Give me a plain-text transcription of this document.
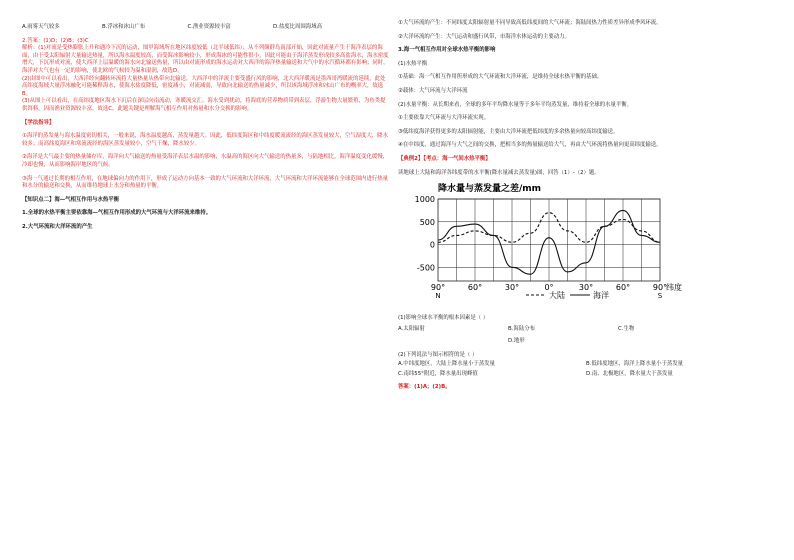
A.雨雾天气较多	B.浮冰和冰山广布	C.渔业资源较丰富	D.盐度比周围海域高

2.答案：(1)D；(2)B；(3)C

解析：(1)对流是受热膨胀上升和遇冷下沉的运动，图甲海域所在地区纬度较低（北半球低纬）；从不列颠群岛南部开始，因此对流量产生于海洋表层的海面，由于受太阳辐射大量输送热量，所以海水温度较高，而受海冰影响较小，形成海冰的可能性很小，因此可能由于海洋蒸发形成较多高盐海水，海水密度增大，下沉形成对流，使大西洋上层温暖的海水向北输送热量，所以由对流形成的海水运动对大西洋的海洋热量输送和大气中的水汽循环都有影响；同时，海洋对大气也有一定的影响，使北欧的气候较为温和湿润，故选D。

(2)由图中可以看出，大西洋经向翻转环流将大量热量从热带向北输送，大西洋中的洋流主要受盛行风的影响，北大西洋暖流是墨西哥湾暖流的延续，此处高纬度海域大量浮冰融化可能稀释海水，使海水盐度降低，密度减小，对流减弱，导致向北输送的热量减少，所以该海域浮冰和冰山广布的概率大，故选B。

(3)从图上可以看出，在高纬度地区海水下沉后在深层向南流动，寒暖流交汇，海水受到扰动，将海底的营养物质带到表层，浮游生物大量繁殖，为鱼类提供饵料，因而渔业资源较丰富，故选C。此题关键是理解海气相互作用对热量和水分交换的影响。

【学法指导】

①海洋的蒸发量与海水温度密切相关，一般来说，海水温度越高，蒸发量越大。因此，低纬度海区和中纬度暖流流经的海区蒸发量较大，空气湿度大，降水较多；而高纬度海区和寒流流经的海区蒸发量较小，空气干燥，降水较少。

②海洋是大气最主要的热量储存库，海洋向大气输送的热量受海洋表层水温的影响，水温高的海区向大气输送的热量多，与陆地相比，海洋温度变化缓慢，冷却也慢，从而影响海岸地区的气候。

③海一气通过长期的相互作用，在地球偏向力的作用下，形成了运动方向基本一致的大气环流和大洋环流，大气环流和大洋环流能够在全球范围内进行热量和水分的输送和交换，从而维持地球上水分和热量的平衡。

【知识点二】海—气相互作用与水热平衡

1.全球的水热平衡主要依靠海—气相互作用形成的大气环流与大洋环流来维持。

2.大气环流和大洋环流的产生

①大气环流的产生：不同纬度太阳辐射量不同导致高低纬度间的大气环流；海陆间热力性质差异形成季风环流。

②大洋环流的产生：大气运动和盛行风带，市海洋水体运动的主要动力。

3.海一气相互作用对全球水热平衡的影响

(1)水热平衡

①基础：海一气相互作用所形成的大气环流和大洋环流，是维持全球水热平衡的基础。

②载体：大气环流与大洋环流

(2)水量平衡：从长期来看，全球的多年平均降水量等于多年平均蒸发量，维持着全球的水量平衡。

①主要依靠大气环流与大洋环流实现。

③低纬度海洋获得更多的太阳辐射能，主要由大洋环流把低纬度的多余热量向较高纬度输送。

④在中纬度，通过海洋与大气之间的交换，把相当多的热量输送给大气，再由大气环流将热量向更高纬度输送。

【典例2】【考点：海一气间水热平衡】

读地球上大陆和海洋各纬度带的水平衡(降水量减去蒸发量)图，回答（1）-（2）题。

降水量与蒸发量之差/mm
1000
500
0
-500
90°
N
60°	30°	0°	30°	60°	90°
S
纬度
大陆	海洋

(1)影响全球水平衡的根本因素是（ ）

A.太阳辐射	B.海陆分布	C.生物
D.地形

(2)下列说法与图示相符的是（ ）

A.中纬度地区，大陆上降水量小于蒸发量	B.低纬度地区，海洋上降水量小于蒸发量
C.南纬55°附近，降水量出现峰值	D.南、北极地区，降水量大于蒸发量

答案：(1)A；(2)B。
